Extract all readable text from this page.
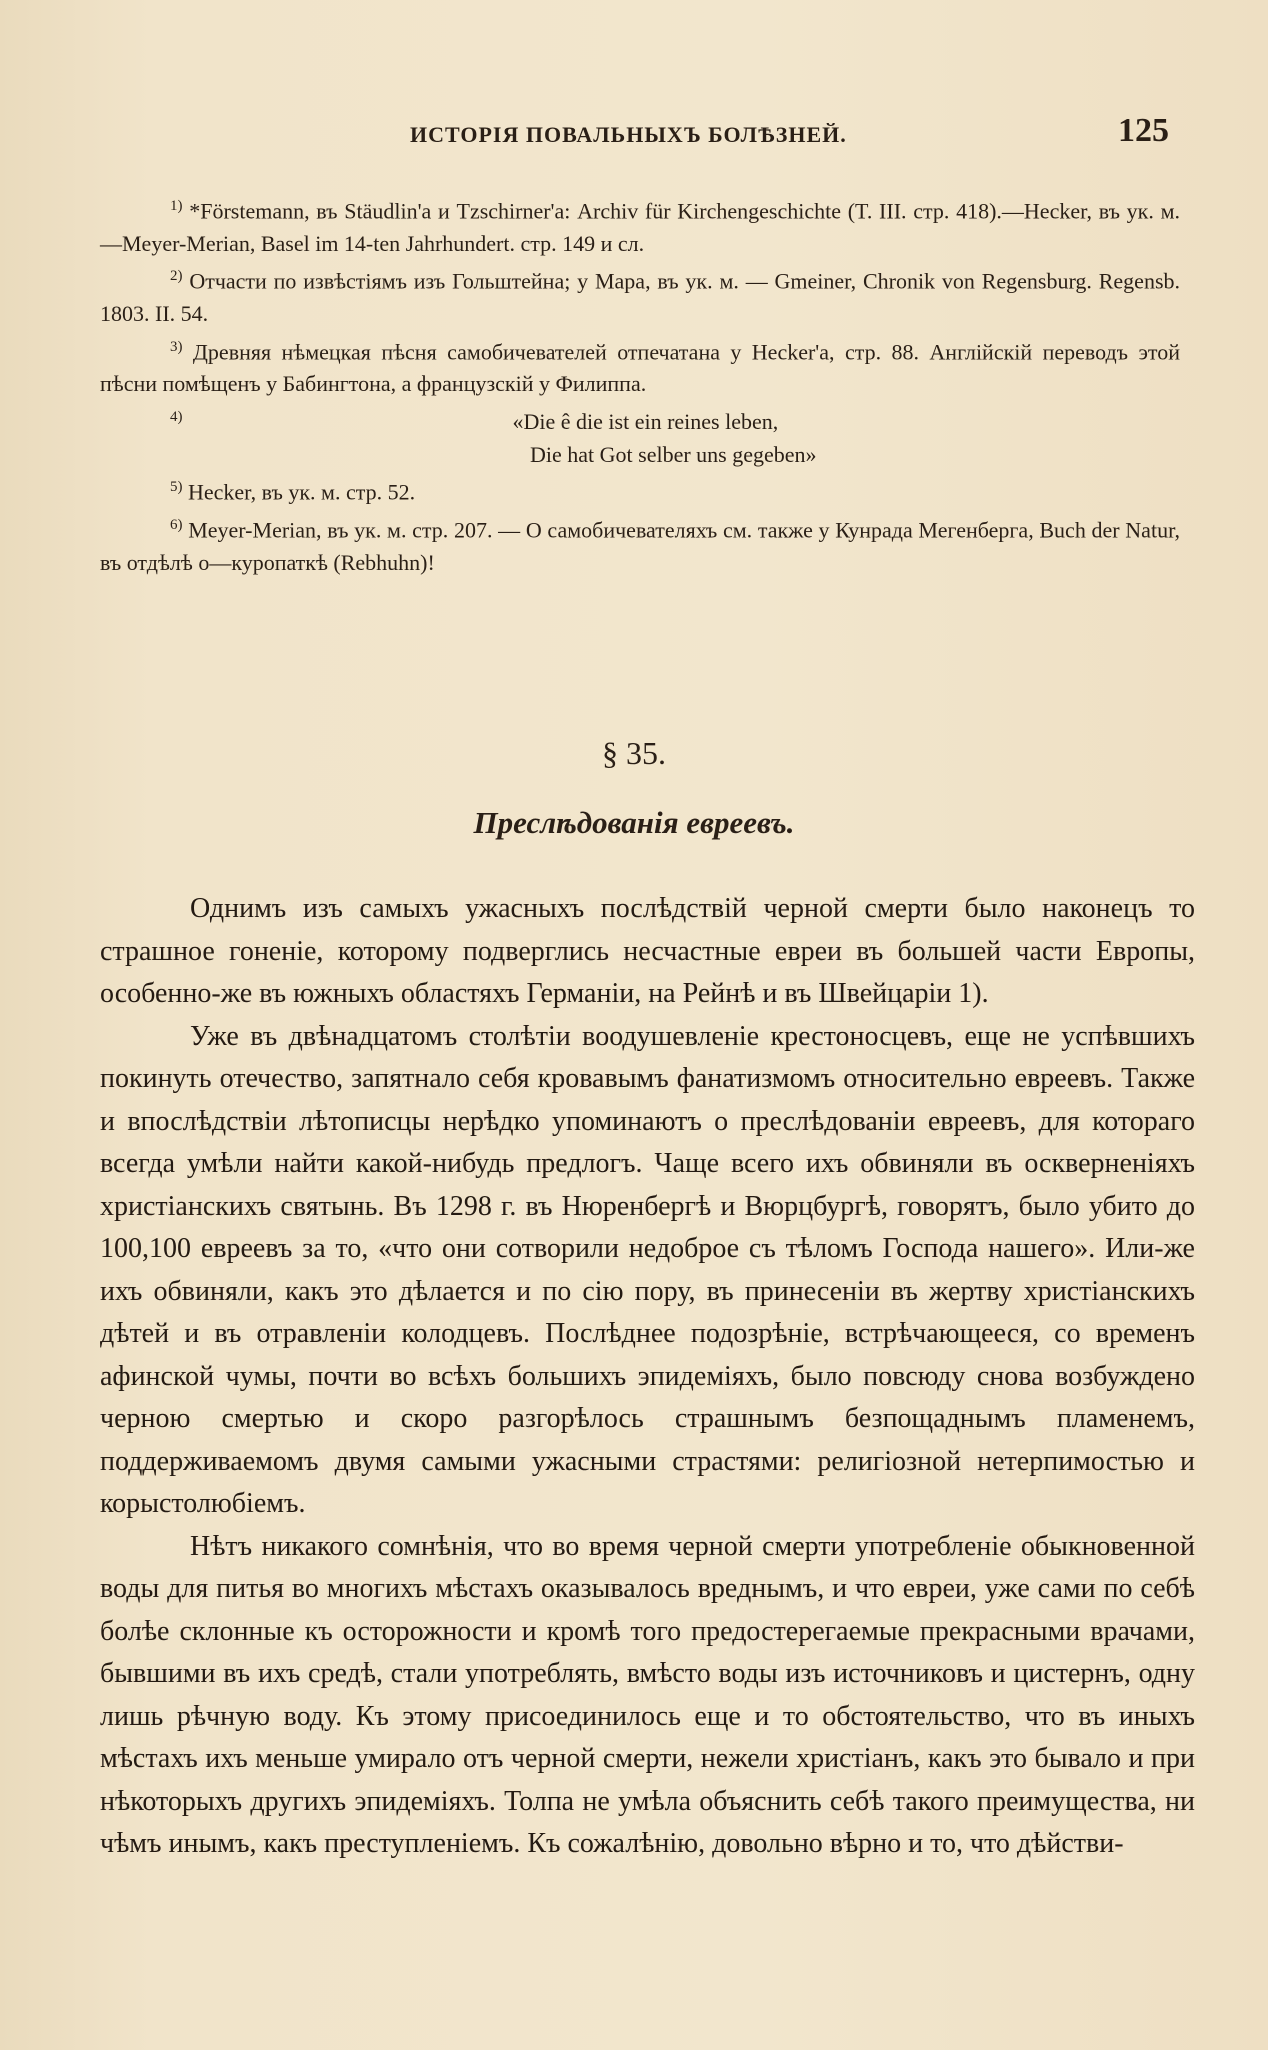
ИСТОРІЯ ПОВАЛЬНЫХЪ БОЛѢЗНЕЙ.	125

$^{1)}$ *Förstemann, въ Stäudlin'а и Tzschirner'а: Archiv für Kirchengeschichte (T. III. стр. 418).—Hecker, въ ук. м.—Meyer-Merian, Basel im 14-ten Jahrhundert. стр. 149 и сл.

$^{2)}$ Отчасти по извѣстіямъ изъ Гольштейна; у Мара, въ ук. м. — Gmeiner, Chronik von Regensburg. Regensb. 1803. II. 54.

$^{3)}$ Древняя нѣмецкая пѣсня самобичевателей отпечатана у Hecker'а, стр. 88. Англійскій переводъ этой пѣсни помѣщенъ у Бабингтона, а французскій у Филиппа.

$^{4)}$	«Die ê die ist ein reines leben,

Die hat Got selber uns gegeben»

$^{5)}$ Hecker, въ ук. м. стр. 52.

$^{6)}$ Meyer-Merian, въ ук. м. стр. 207. — О самобичевателяхъ см. также у Кунрада Мегенберга, Buch der Natur, въ отдѣлѣ о—куропаткѣ (Rebhuhn)!

§ 35.
Преслѣдованія евреевъ.

Однимъ изъ самыхъ ужасныхъ послѣдствій черной смерти было наконецъ то страшное гоненіе, которому подверглись несчастные евреи въ большей части Европы, особенно-же въ южныхъ областяхъ Германіи, на Рейнѣ и въ Швейцаріи 1).

Уже въ двѣнадцатомъ столѣтіи воодушевленіе крестоносцевъ, еще не успѣвшихъ покинуть отечество, запятнало себя кровавымъ фанатизмомъ относительно евреевъ. Также и впослѣдствіи лѣтописцы нерѣдко упоминаютъ о преслѣдованіи евреевъ, для котораго всегда умѣли найти какой-нибудь предлогъ. Чаще всего ихъ обвиняли въ оскверненіяхъ христіанскихъ святынь. Въ 1298 г. въ Нюренбергѣ и Вюрцбургѣ, говорятъ, было убито до 100,100 евреевъ за то, «что они сотворили недоброе съ тѣломъ Господа нашего». Или-же ихъ обвиняли, какъ это дѣлается и по сію пору, въ принесеніи въ жертву христіанскихъ дѣтей и въ отравленіи колодцевъ. Послѣднее подозрѣніе, встрѣчающееся, со временъ афинской чумы, почти во всѣхъ большихъ эпидеміяхъ, было повсюду снова возбуждено черною смертью и скоро разгорѣлось страшнымъ безпощаднымъ пламенемъ, поддерживаемомъ двумя самыми ужасными страстями: религіозной нетерпимостью и корыстолюбіемъ.

Нѣтъ никакого сомнѣнія, что во время черной смерти употребленіе обыкновенной воды для питья во многихъ мѣстахъ оказывалось вреднымъ, и что евреи, уже сами по себѣ болѣе склонные къ осторожности и кромѣ того предостерегаемые прекрасными врачами, бывшими въ ихъ средѣ, стали употреблять, вмѣсто воды изъ источниковъ и цистернъ, одну лишь рѣчную воду. Къ этому присоединилось еще и то обстоятельство, что въ иныхъ мѣстахъ ихъ меньше умирало отъ черной смерти, нежели христіанъ, какъ это бывало и при нѣкоторыхъ другихъ эпидеміяхъ. Толпа не умѣла объяснить себѣ такого преимущества, ни чѣмъ инымъ, какъ преступленіемъ. Къ сожалѣнію, довольно вѣрно и то, что дѣйстви-
